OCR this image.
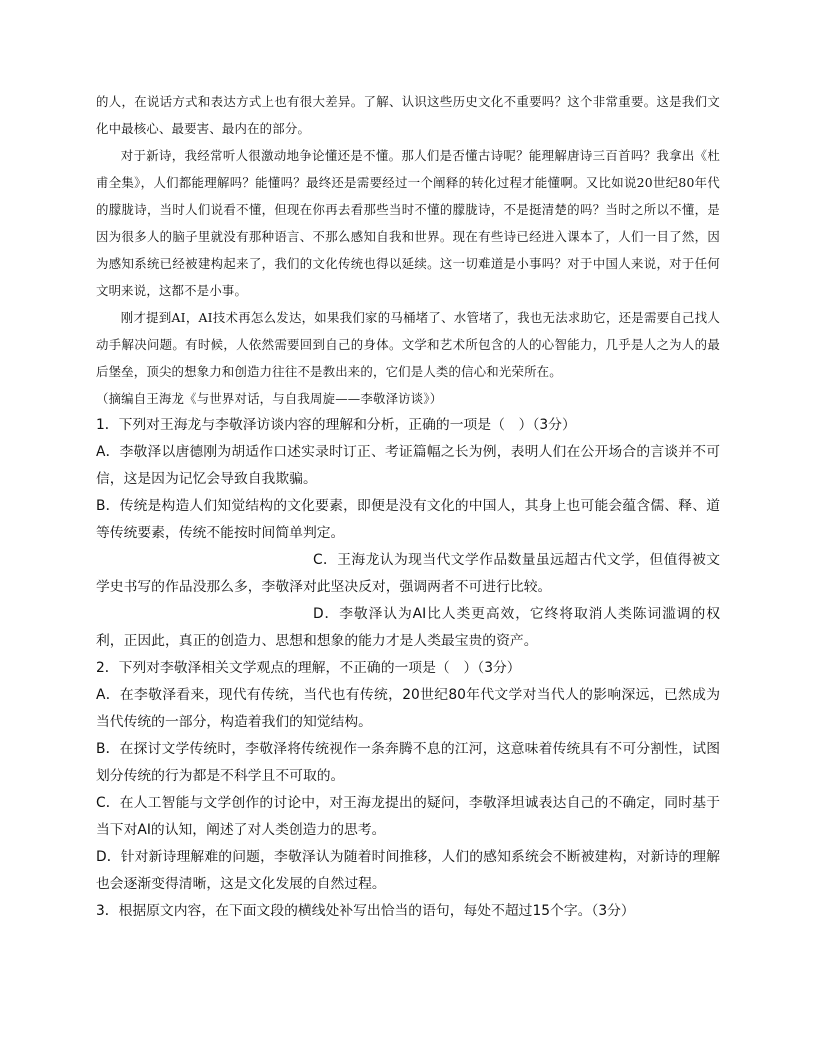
的人，在说话方式和表达方式上也有很大差异。了解、认识这些历史文化不重要吗？这个非常重要。这是我们文化中最核心、最要害、最内在的部分。

对于新诗，我经常听人很激动地争论懂还是不懂。那人们是否懂古诗呢？能理解唐诗三百首吗？我拿出《杜甫全集》，人们都能理解吗？能懂吗？最终还是需要经过一个阐释的转化过程才能懂啊。又比如说20世纪80年代的朦胧诗，当时人们说看不懂，但现在你再去看那些当时不懂的朦胧诗，不是挺清楚的吗？当时之所以不懂，是因为很多人的脑子里就没有那种语言、不那么感知自我和世界。现在有些诗已经进入课本了，人们一目了然，因为感知系统已经被建构起来了，我们的文化传统也得以延续。这一切难道是小事吗？对于中国人来说，对于任何文明来说，这都不是小事。

刚才提到AI，AI技术再怎么发达，如果我们家的马桶堵了、水管堵了，我也无法求助它，还是需要自己找人动手解决问题。有时候，人依然需要回到自己的身体。文学和艺术所包含的人的心智能力，几乎是人之为人的最后堡垒，顶尖的想象力和创造力往往不是教出来的，它们是人类的信心和光荣所在。

（摘编自王海龙《与世界对话，与自我周旋——李敬泽访谈》）

1．下列对王海龙与李敬泽访谈内容的理解和分析，正确的一项是（　）（3分）

A．李敬泽以唐德刚为胡适作口述实录时订正、考证篇幅之长为例，表明人们在公开场合的言谈并不可信，这是因为记忆会导致自我欺骗。

B．传统是构造人们知觉结构的文化要素，即便是没有文化的中国人，其身上也可能会蕴含儒、释、道等传统要素，传统不能按时间简单判定。

C．王海龙认为现当代文学作品数量虽远超古代文学，但值得被文学史书写的作品没那么多，李敬泽对此坚决反对，强调两者不可进行比较。

D．李敬泽认为AI比人类更高效，它终将取消人类陈词滥调的权利，正因此，真正的创造力、思想和想象的能力才是人类最宝贵的资产。

2．下列对李敬泽相关文学观点的理解，不正确的一项是（　）（3分）

A．在李敬泽看来，现代有传统，当代也有传统，20世纪80年代文学对当代人的影响深远，已然成为当代传统的一部分，构造着我们的知觉结构。

B．在探讨文学传统时，李敬泽将传统视作一条奔腾不息的江河，这意味着传统具有不可分割性，试图划分传统的行为都是不科学且不可取的。

C．在人工智能与文学创作的讨论中，对王海龙提出的疑问，李敬泽坦诚表达自己的不确定，同时基于当下对AI的认知，阐述了对人类创造力的思考。

D．针对新诗理解难的问题，李敬泽认为随着时间推移，人们的感知系统会不断被建构，对新诗的理解也会逐渐变得清晰，这是文化发展的自然过程。

3．根据原文内容，在下面文段的横线处补写出恰当的语句，每处不超过15个字。（3分）
